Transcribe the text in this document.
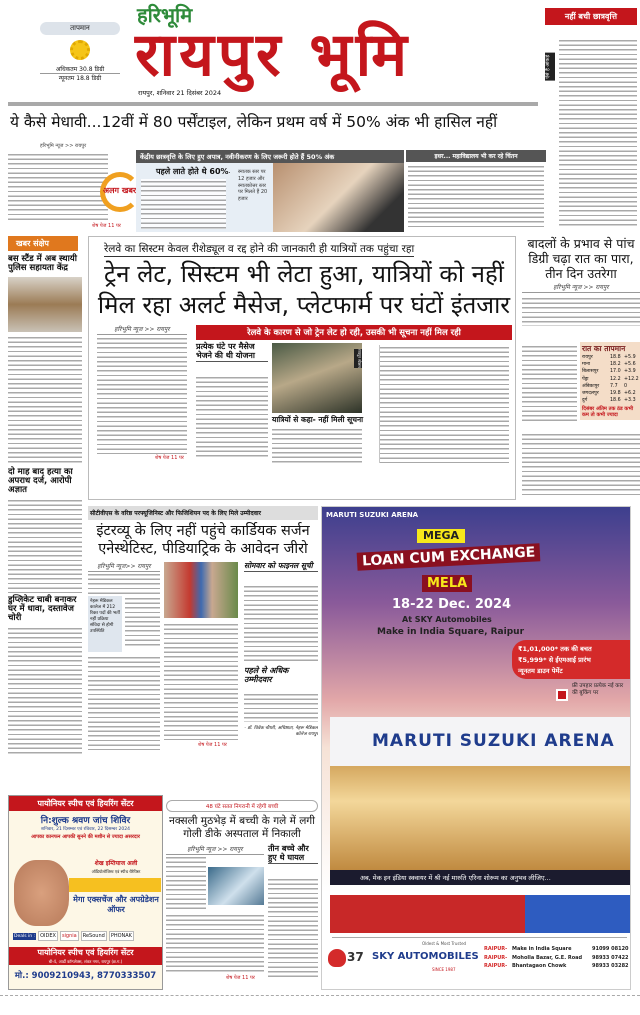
तापमान
अधिकतम 30.8 डिग्री
न्यूनतम 18.8 डिग्री
हरिभूमि
रायपुर भूमि
रायपुर, शनिवार 21 दिसंबर 2024
नहीं बची छात्रवृत्ति
ऐसे है आंकड़े
ये कैसे मेधावी...12वीं में 80 पर्सेंटाइल, लेकिन प्रथम वर्ष में 50% अंक भी हासिल नहीं
हरिभूमि न्यूज >> रायपुर
शेष पेज 11 पर
अलग खबर
केंद्रीय छात्रवृत्ति के लिए हुए अपात्र, नवीनीकरण के लिए जरूरी होते हैं 50% अंक
पहले लाते होते थे 60% • स्नातक स्तर पर 12 हजार और स्नातकोत्तर स्तर पर मिलते हैं 20 हजार
इधर... महाविद्यालय भी कर रहे चिंतन
खबर संक्षेप
बस स्टैंड में अब स्थायी पुलिस सहायता केंद्र
दो माह बाद हत्या का अपराध दर्ज, आरोपी अज्ञात
डुप्लिकेट चाबी बनाकर घर में धावा, दस्तावेज चोरी
रेलवे का सिस्टम केवल रीशेड्यूल व रद्द होने की जानकारी ही यात्रियों तक पहुंचा रहा
ट्रेन लेट, सिस्टम भी लेटा हुआ, यात्रियों को नहीं मिल रहा अलर्ट मैसेज, प्लेटफार्म पर घंटों इंतजार
हरिभूमि न्यूज >> रायपुर
शेष पेज 11 पर
रेलवे के कारण से जो ट्रेन लेट हो रही, उसकी भी सूचना नहीं मिल रही
प्रत्येक घंटे पर मैसेज भेजने की थी योजना	रायपुर स्टेशन
यात्रियों से कहा- नहीं मिली सूचना
बादलों के प्रभाव से पांच डिग्री चढ़ा रात का पारा, तीन दिन उतरेगा
हरिभूमि न्यूज >> रायपुर
रात का तापमान
रायपुर	18.8 +5.9
माना	18.2 +5.6
बिलासपुर	17.0 +3.9
पेंड्रा	12.2 +12.2
अंबिकापुर	7.7	0
जगदलपुर	19.8 +6.2
दुर्ग	18.6 +3.3
दिसंबर अंतिम तक ठंड कभी कम तो कभी ज्यादा
सीटीवीएस के वरिष्ठ परफ्यूजिनिस्ट और फिजिशियन पद के लिए मिले उम्मीदवार
इंटरव्यू के लिए नहीं पहुंचे कार्डियक सर्जन एनेस्थेटिस्ट, पीडियाट्रिक के आवेदन जीरो
हरिभूमि न्यूज>> रायपुर
नेहरू मेडिकल कालेज में 212 रिक्त पदों की भर्ती नहीं प्रक्रिया संविदा से होगी उपस्थिति
शेष पेज 11 पर
सोमवार को फाइनल सूची
पहले से अधिक उम्मीदवार
- डॉ. विवेक चौधरी, अधिष्ठाता, नेहरू मेडिकल कॉलेज रायपुर
MARUTI SUZUKI ARENA
MEGA
LOAN CUM EXCHANGE
MELA
18-22 Dec. 2024
At SKY Automobiles
Make in India Square, Raipur
₹1,01,000* तक की बचत
₹5,999* से ईएमआई प्रारंभ
न्यूनतम डाउन पेमेंट
फ्री उपहार प्रत्येक नई कार की बुकिंग पर
MARUTI SUZUKI ARENA
अब, मेक इन इंडिया स्क्वायर में श्री नई मारुति एरिना शोरूम का अनुभव लीजिए...
37
Oldest & Most Trusted
SKY AUTOMOBILES
SINCE 1987
RAIPUR- Make in India Square	91099 08120
RAIPUR- Moholla Bazar, G.E. Road	98933 07422
RAIPUR- Bhantagaon Chowk	98933 03282
पायोनियर स्पीच एवं हियरिंग सेंटर
नि:शुल्क श्रवण जांच शिविर
शनिवार, 21 दिसम्बर एवं रविवार, 22 दिसम्बर 2024
आपका कानफन आपकी सुनने की मशीन से ज्यादा असरदार
शेख इम्तियाज अली
ऑडियोलॉजिस्ट एवं स्पीच थैरेपिस्ट
मेगा एक्सचेंज और अपग्रेडेशन ऑफर
Deals in :	OIDEX	signia	ReSound	PHONAK
पायोनियर स्पीच एवं हियरिंग सेंटर
बी-4, आर्डी कॉम्प्लेक्स, शंकर नगर, रायपुर (छ.ग.)
मो.: 9009210943, 8770333507
48 घंटे सतत निगरानी में रहेगी बच्ची
नक्सली मुठभेड़ में बच्ची के गले में लगी गोली डीके अस्पताल में निकाली
हरिभूमि न्यूज >> रायपुर
शेष पेज 11 पर
तीन बच्चे और हुए थे घायल
